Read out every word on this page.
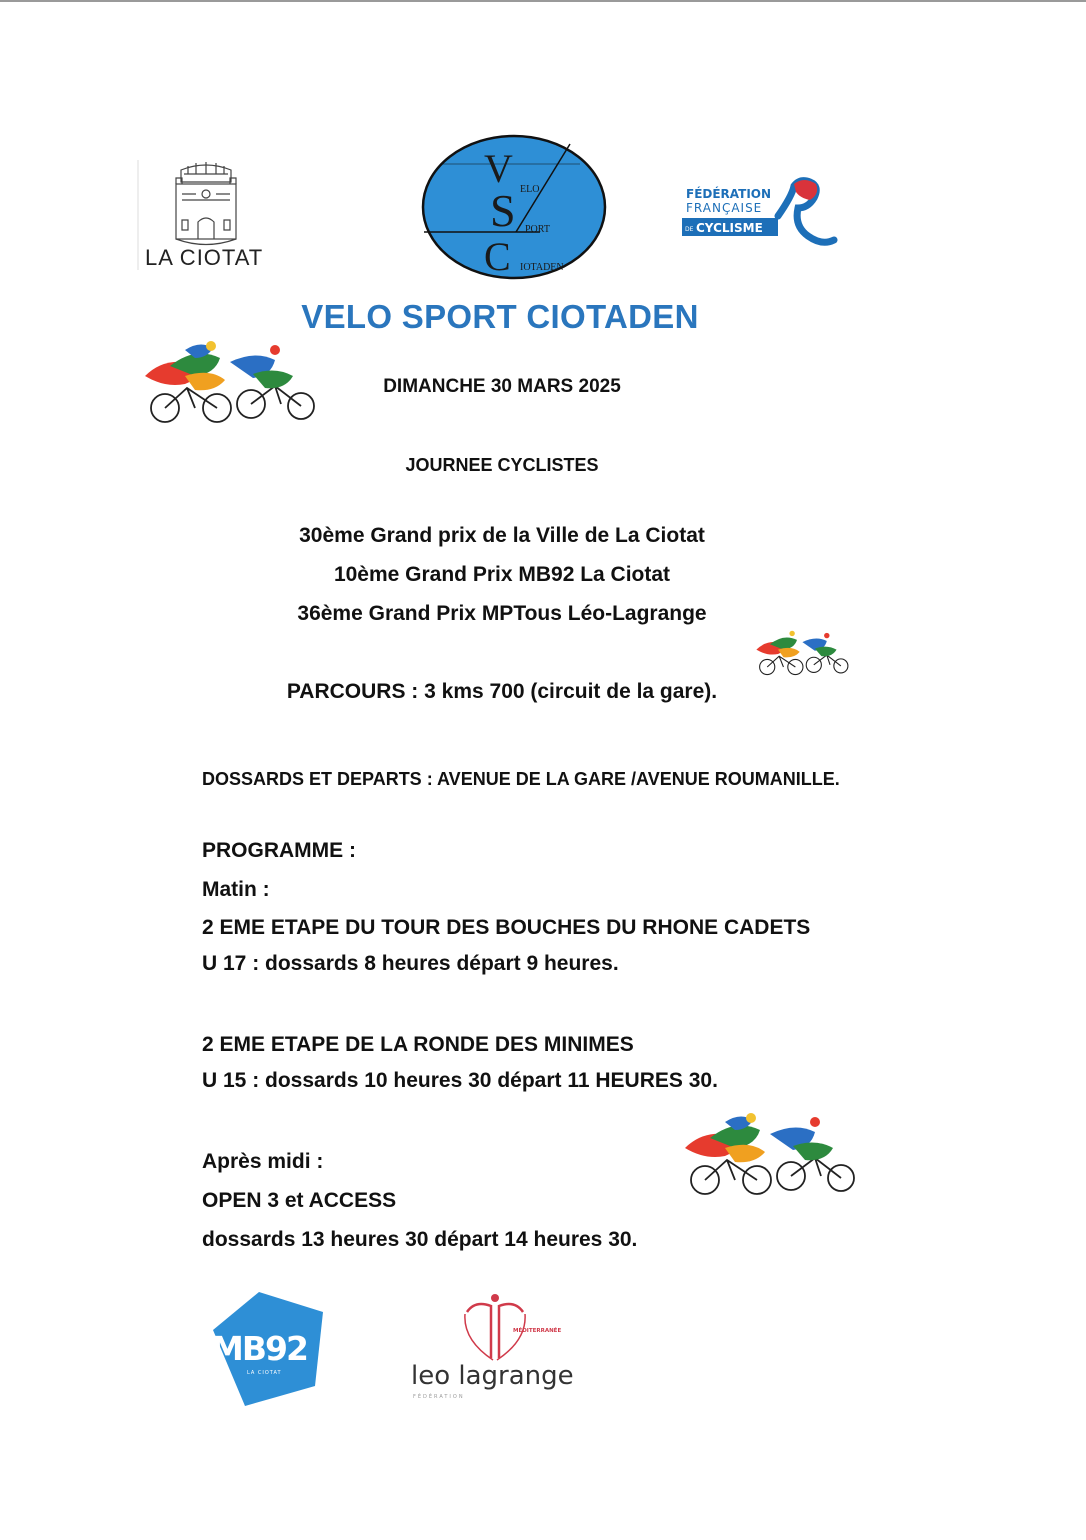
LA CIOTAT
V
S
C
ELO
PORT
IOTADEN
FÉDÉRATION
FRANÇAISE
DE CYCLISME
VELO SPORT CIOTADEN
DIMANCHE 30 MARS 2025
JOURNEE CYCLISTES
30ème Grand prix de la Ville de La Ciotat
10ème Grand Prix MB92 La Ciotat
36ème Grand Prix MPTous Léo-Lagrange
PARCOURS : 3 kms 700 (circuit de la gare).
DOSSARDS ET DEPARTS : AVENUE DE LA GARE /AVENUE ROUMANILLE.
PROGRAMME :
Matin :
2 EME ETAPE DU TOUR DES BOUCHES DU RHONE CADETS
U 17 : dossards 8 heures départ 9 heures.
2 EME ETAPE DE LA RONDE DES MINIMES
U 15 : dossards 10 heures 30 départ 11 HEURES 30.
Après midi :
OPEN 3 et ACCESS
dossards 13 heures 30 départ 14 heures 30.
MB92
LA CIOTAT
MÉDITERRANÉE
leo lagrange
FÉDÉRATION
